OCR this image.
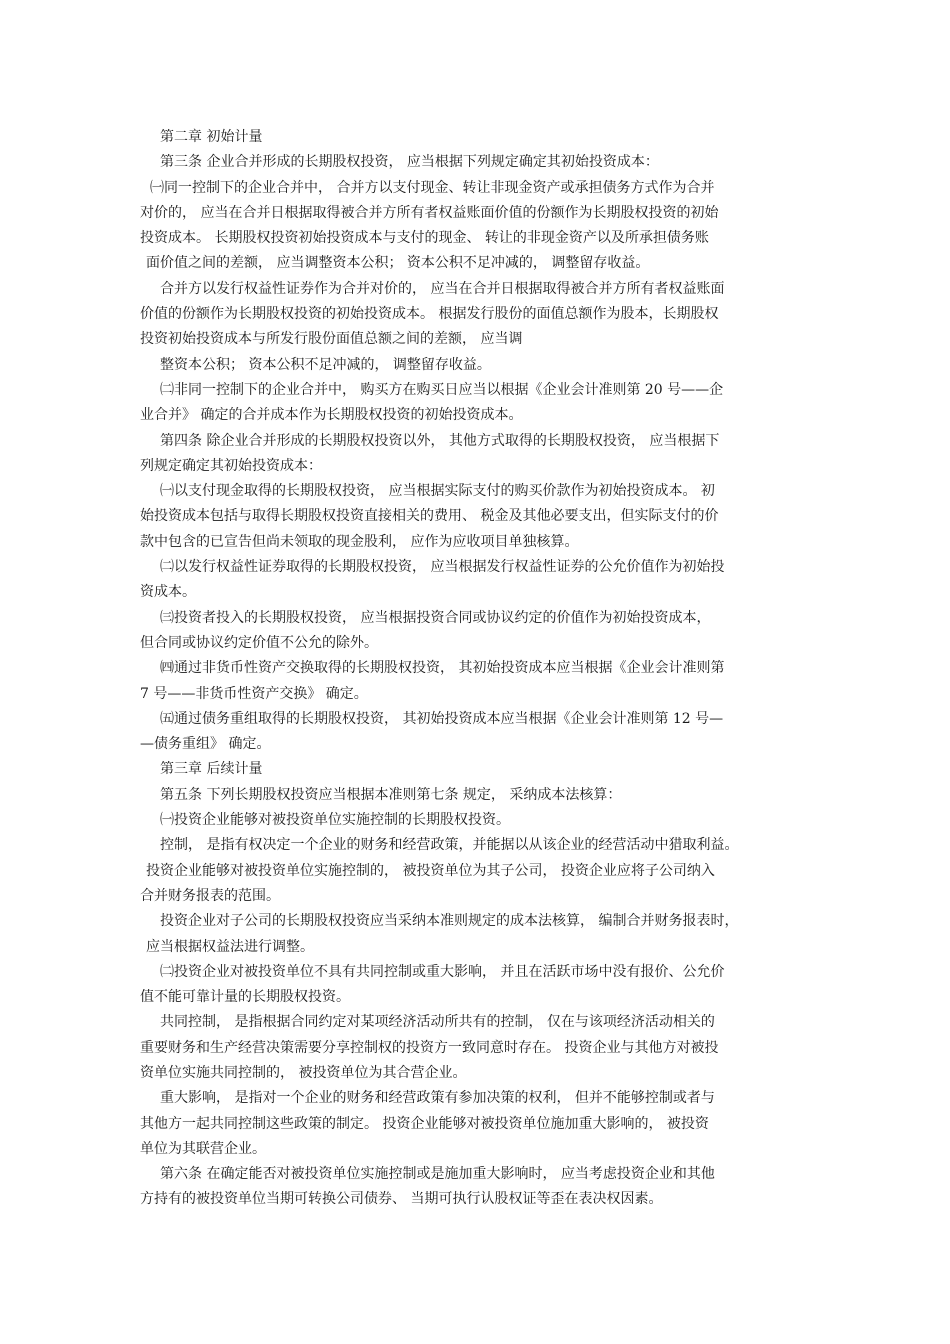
第二章 初始计量
第三条 企业合并形成的长期股权投资， 应当根据下列规定确定其初始投资成本：
㈠同一控制下的企业合并中， 合并方以支付现金、转让非现金资产或承担债务方式作为合并
对价的， 应当在合并日根据取得被合并方所有者权益账面价值的份额作为长期股权投资的初始
投资成本。 长期股权投资初始投资成本与支付的现金、 转让的非现金资产以及所承担债务账
面价值之间的差额， 应当调整资本公积； 资本公积不足冲减的， 调整留存收益。
合并方以发行权益性证券作为合并对价的， 应当在合并日根据取得被合并方所有者权益账面
价值的份额作为长期股权投资的初始投资成本。 根据发行股份的面值总额作为股本，长期股权
投资初始投资成本与所发行股份面值总额之间的差额， 应当调
整资本公积； 资本公积不足冲减的， 调整留存收益。
㈡非同一控制下的企业合并中， 购买方在购买日应当以根据《企业会计准则第 20 号——企
业合并》 确定的合并成本作为长期股权投资的初始投资成本。
第四条 除企业合并形成的长期股权投资以外， 其他方式取得的长期股权投资， 应当根据下
列规定确定其初始投资成本：
㈠以支付现金取得的长期股权投资， 应当根据实际支付的购买价款作为初始投资成本。 初
始投资成本包括与取得长期股权投资直接相关的费用、 税金及其他必要支出，但实际支付的价
款中包含的已宣告但尚未领取的现金股利， 应作为应收项目单独核算。
㈡以发行权益性证券取得的长期股权投资， 应当根据发行权益性证券的公允价值作为初始投
资成本。
㈢投资者投入的长期股权投资， 应当根据投资合同或协议约定的价值作为初始投资成本，
但合同或协议约定价值不公允的除外。
㈣通过非货币性资产交换取得的长期股权投资， 其初始投资成本应当根据《企业会计准则第
7 号——非货币性资产交换》 确定。
㈤通过债务重组取得的长期股权投资， 其初始投资成本应当根据《企业会计准则第 12 号—
—债务重组》 确定。
第三章 后续计量
第五条 下列长期股权投资应当根据本准则第七条 规定， 采纳成本法核算：
㈠投资企业能够对被投资单位实施控制的长期股权投资。
控制， 是指有权决定一个企业的财务和经营政策，并能据以从该企业的经营活动中猎取利益。
投资企业能够对被投资单位实施控制的， 被投资单位为其子公司， 投资企业应将子公司纳入
合并财务报表的范围。
投资企业对子公司的长期股权投资应当采纳本准则规定的成本法核算， 编制合并财务报表时，
应当根据权益法进行调整。
㈡投资企业对被投资单位不具有共同控制或重大影响， 并且在活跃市场中没有报价、公允价
值不能可靠计量的长期股权投资。
共同控制， 是指根据合同约定对某项经济活动所共有的控制， 仅在与该项经济活动相关的
重要财务和生产经营决策需要分享控制权的投资方一致同意时存在。 投资企业与其他方对被投
资单位实施共同控制的， 被投资单位为其合营企业。
重大影响， 是指对一个企业的财务和经营政策有参加决策的权利， 但并不能够控制或者与
其他方一起共同控制这些政策的制定。 投资企业能够对被投资单位施加重大影响的， 被投资
单位为其联营企业。
第六条 在确定能否对被投资单位实施控制或是施加重大影响时， 应当考虑投资企业和其他
方持有的被投资单位当期可转换公司债券、 当期可执行认股权证等歪在表决权因素。
